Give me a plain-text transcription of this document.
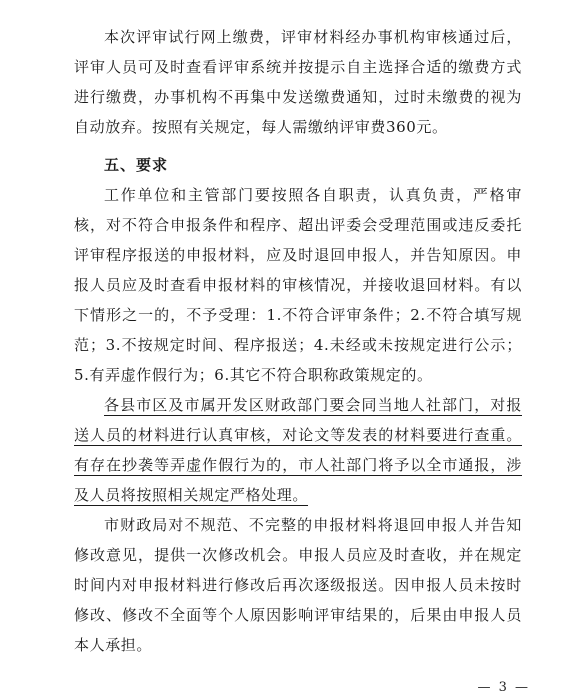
本次评审试行网上缴费，评审材料经办事机构审核通过后，评审人员可及时查看评审系统并按提示自主选择合适的缴费方式进行缴费，办事机构不再集中发送缴费通知，过时未缴费的视为自动放弃。按照有关规定，每人需缴纳评审费360元。

五、要求

工作单位和主管部门要按照各自职责，认真负责，严格审核，对不符合申报条件和程序、超出评委会受理范围或违反委托评审程序报送的申报材料，应及时退回申报人，并告知原因。申报人员应及时查看申报材料的审核情况，并接收退回材料。有以下情形之一的，不予受理：1.不符合评审条件；2.不符合填写规范；3.不按规定时间、程序报送；4.未经或未按规定进行公示；5.有弄虚作假行为；6.其它不符合职称政策规定的。

各县市区及市属开发区财政部门要会同当地人社部门，对报送人员的材料进行认真审核，对论文等发表的材料要进行查重。有存在抄袭等弄虚作假行为的，市人社部门将予以全市通报，涉及人员将按照相关规定严格处理。

市财政局对不规范、不完整的申报材料将退回申报人并告知修改意见，提供一次修改机会。申报人员应及时查收，并在规定时间内对申报材料进行修改后再次逐级报送。因申报人员未按时修改、修改不全面等个人原因影响评审结果的，后果由申报人员本人承担。

— 3 —
